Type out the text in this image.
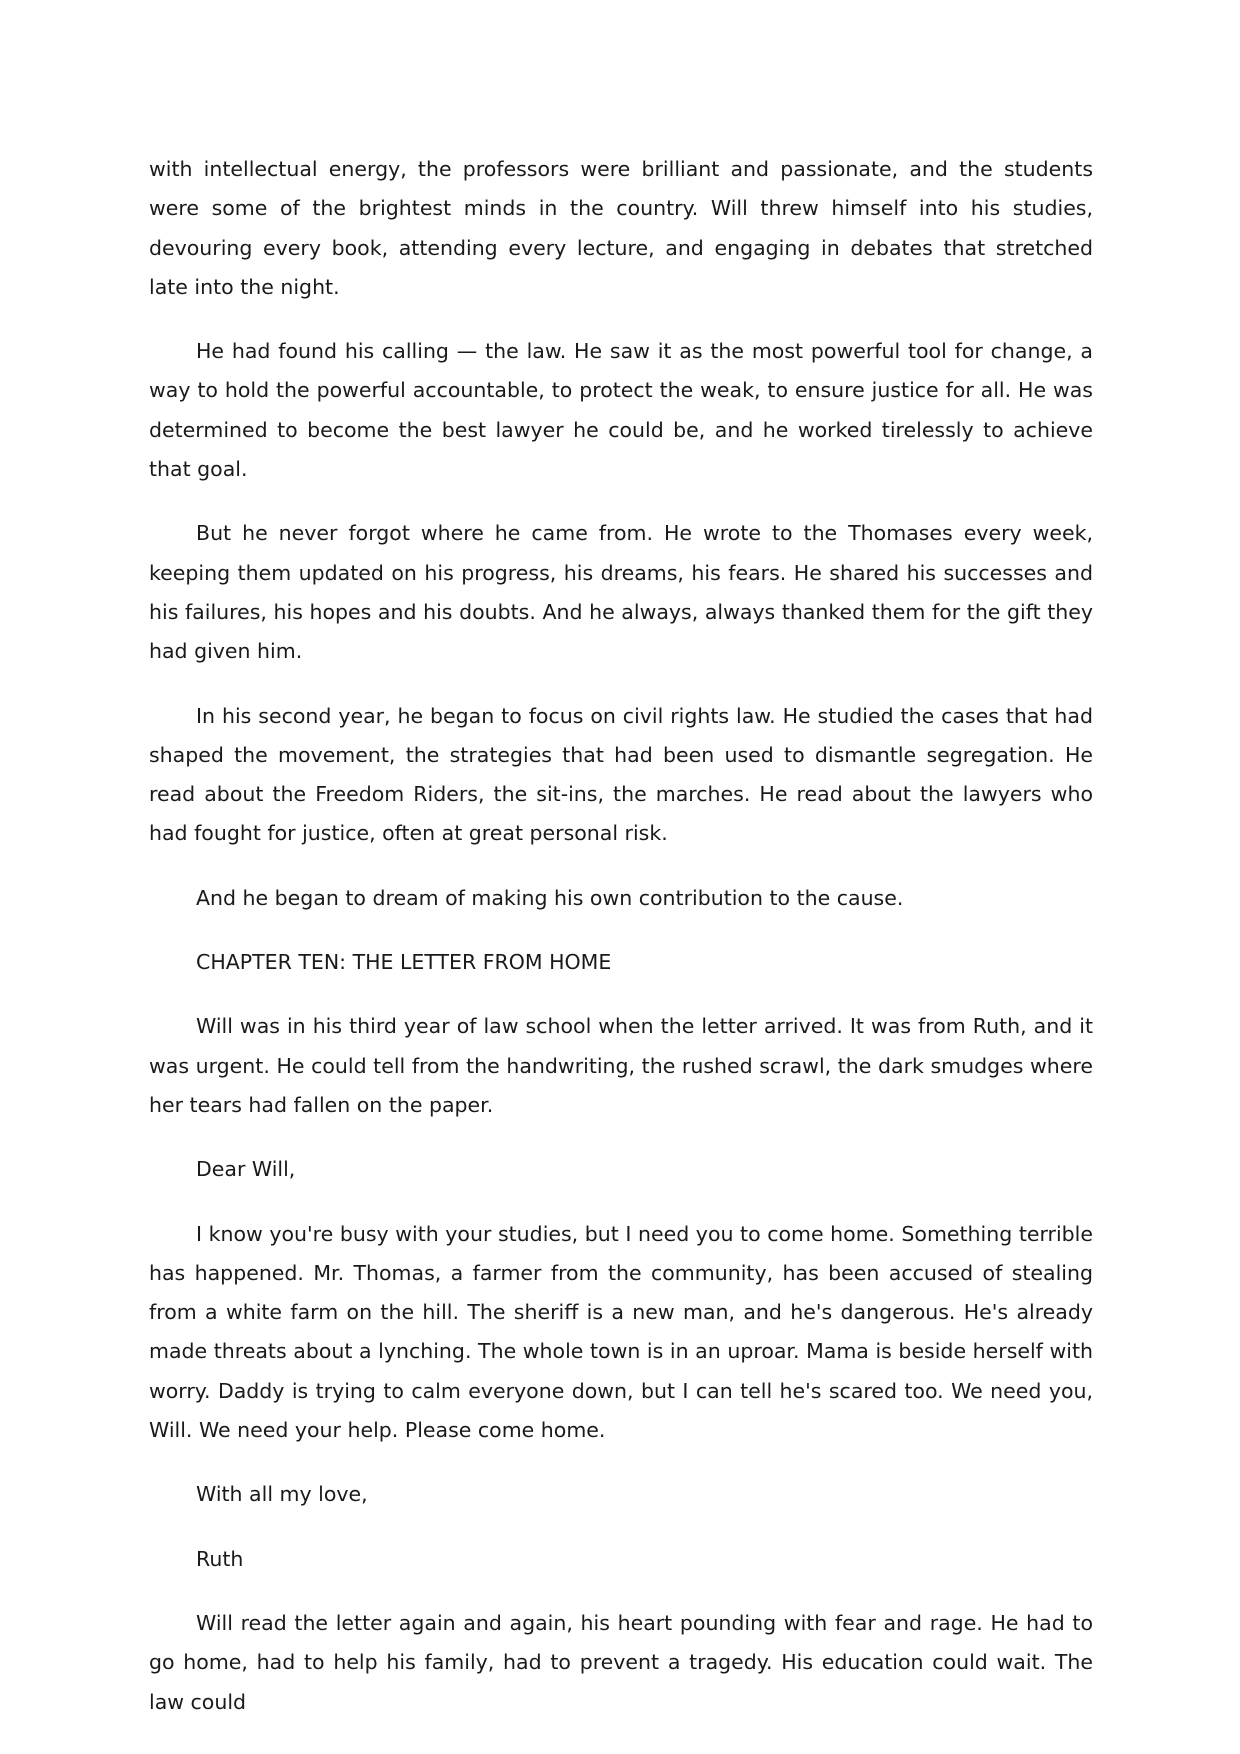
with intellectual energy, the professors were brilliant and passionate, and the students were some of the brightest minds in the country. Will threw himself into his studies, devouring every book, attending every lecture, and engaging in debates that stretched late into the night.

He had found his calling — the law. He saw it as the most powerful tool for change, a way to hold the powerful accountable, to protect the weak, to ensure justice for all. He was determined to become the best lawyer he could be, and he worked tirelessly to achieve that goal.

But he never forgot where he came from. He wrote to the Thomases every week, keeping them updated on his progress, his dreams, his fears. He shared his successes and his failures, his hopes and his doubts. And he always, always thanked them for the gift they had given him.

In his second year, he began to focus on civil rights law. He studied the cases that had shaped the movement, the strategies that had been used to dismantle segregation. He read about the Freedom Riders, the sit-ins, the marches. He read about the lawyers who had fought for justice, often at great personal risk.

And he began to dream of making his own contribution to the cause.

CHAPTER TEN: THE LETTER FROM HOME

Will was in his third year of law school when the letter arrived. It was from Ruth, and it was urgent. He could tell from the handwriting, the rushed scrawl, the dark smudges where her tears had fallen on the paper.

Dear Will,

I know you're busy with your studies, but I need you to come home. Something terrible has happened. Mr. Thomas, a farmer from the community, has been accused of stealing from a white farm on the hill. The sheriff is a new man, and he's dangerous. He's already made threats about a lynching. The whole town is in an uproar. Mama is beside herself with worry. Daddy is trying to calm everyone down, but I can tell he's scared too. We need you, Will. We need your help. Please come home.

With all my love,

Ruth

Will read the letter again and again, his heart pounding with fear and rage. He had to go home, had to help his family, had to prevent a tragedy. His education could wait. The law could
